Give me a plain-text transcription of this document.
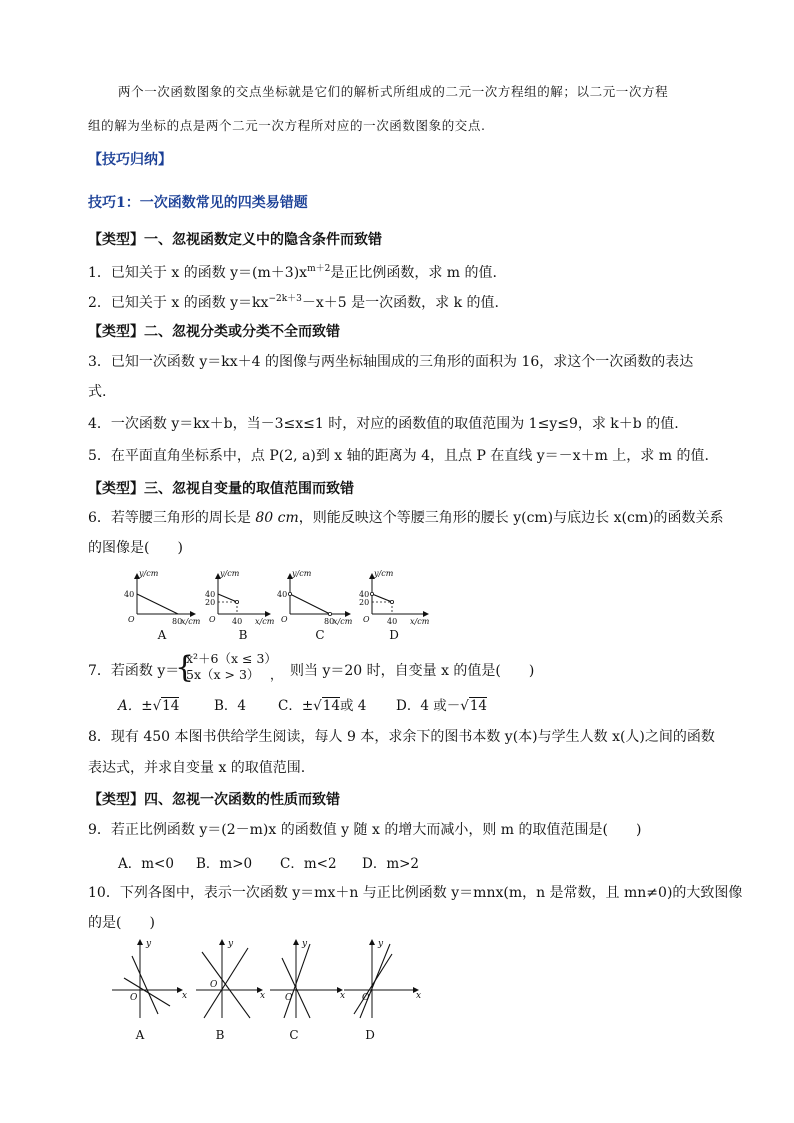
两个一次函数图象的交点坐标就是它们的解析式所组成的二元一次方程组的解；以二元一次方程
组的解为坐标的点是两个二元一次方程所对应的一次函数图象的交点.
【技巧归纳】
技巧1：一次函数常见的四类易错题
【类型】一、忽视函数定义中的隐含条件而致错
1．已知关于 x 的函数 $y=(m+3)x^{m+2}$是正比例函数，求 m 的值.
2．已知关于 x 的函数 $y=kx^{-2k+3}-x+5$ 是一次函数，求 k 的值.
【类型】二、忽视分类或分类不全而致错
3．已知一次函数 y＝kx＋4 的图像与两坐标轴围成的三角形的面积为 16，求这个一次函数的表达
式.
4．一次函数 y＝kx＋b，当－3≤x≤1 时，对应的函数值的取值范围为 1≤y≤9，求 k＋b 的值.
5．在平面直角坐标系中，点 P(2, a)到 x 轴的距离为 4，且点 P 在直线 y＝－x＋m 上，求 m 的值.
【类型】三、忽视自变量的取值范围而致错
6．若等腰三角形的周长是 80 cm，则能反映这个等腰三角形的腰长 y(cm)与底边长 x(cm)的函数关系
的图像是(　　)
y/cm
40
O	80
x/cm
y/cm
40
20
O 40 x/cm
y/cm
40
O	80
x/cm
y/cm
40
20
O 40 x/cm
A	B	C	D
7．若函数 y＝
{
x²＋6（x ≤ 3）
5x（x > 3） ， 则当 y＝20 时，自变量 x 的值是(　　)
A．±√14	B．4 C．±√14或 4 D．4 或－√14
8．现有 450 本图书供给学生阅读，每人 9 本，求余下的图书本数 y(本)与学生人数 x(人)之间的函数
表达式，并求自变量 x 的取值范围.
【类型】四、忽视一次函数的性质而致错
9．若正比例函数 y＝(2－m)x 的函数值 y 随 x 的增大而减小，则 m 的取值范围是(　　)
A．m<0 B．m>0 C．m<2 D．m>2
10．下列各图中，表示一次函数 y＝mx＋n 与正比例函数 y＝mnx(m，n 是常数，且 mn≠0)的大致图像
的是(　　)
y
x
O
y
x
O
y
x
O
y
x
O
A	B	C	D
